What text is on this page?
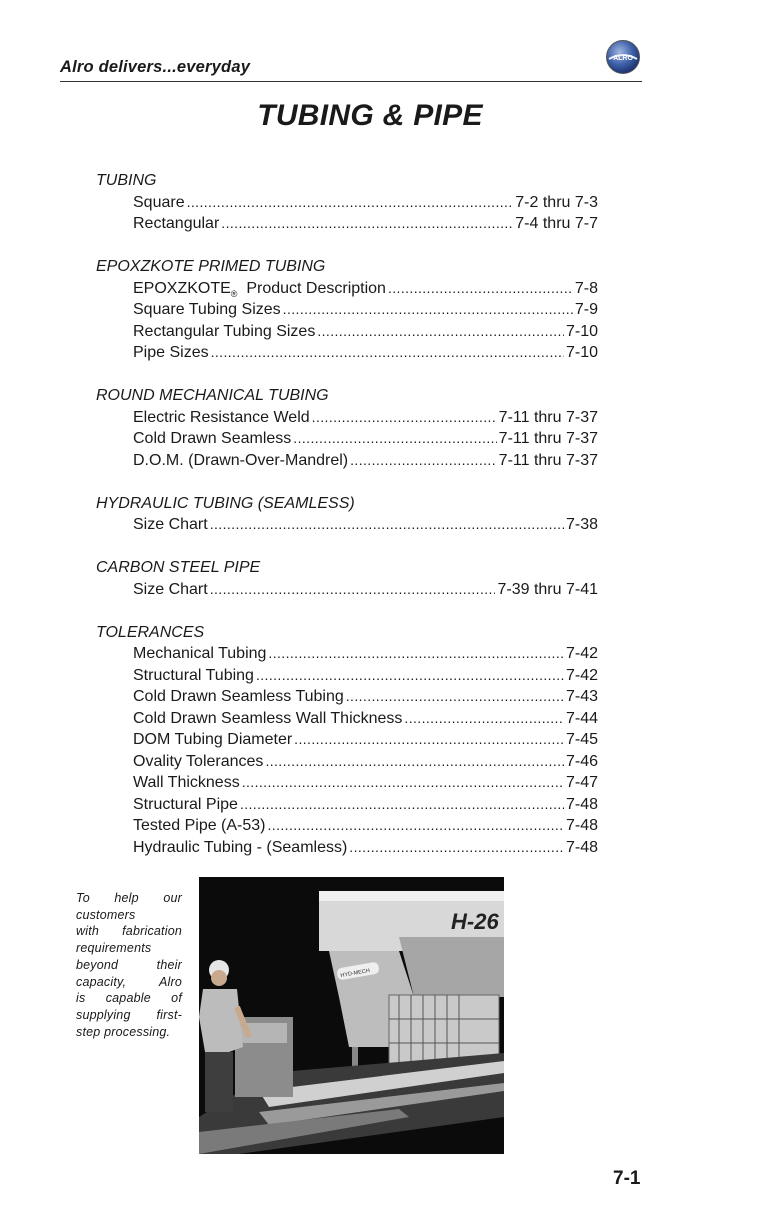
Alro delivers...everyday	ALRO
TUBING & PIPE
TUBING
Square .....	7-2 thru 7-3
Rectangular .....	7-4 thru 7-7
EPOXZKOTE PRIMED TUBING
$EPOXZKOTE_®$  Product Description .....	7-8
Square Tubing Sizes .....	7-9
Rectangular Tubing Sizes .....	7-10
Pipe Sizes .....	7-10
ROUND MECHANICAL TUBING
Electric Resistance Weld .....	7-11 thru 7-37
Cold Drawn Seamless .....	7-11 thru 7-37
D.O.M. (Drawn-Over-Mandrel) .....	7-11 thru 7-37
HYDRAULIC TUBING (SEAMLESS)
Size Chart .....	7-38
CARBON STEEL PIPE
Size Chart .....	7-39 thru 7-41
TOLERANCES
Mechanical Tubing .....	7-42
Structural Tubing .....	7-42
Cold Drawn Seamless Tubing .....	7-43
Cold Drawn Seamless Wall Thickness .....	7-44
DOM Tubing Diameter .....	7-45
Ovality Tolerances .....	7-46
Wall Thickness .....	7-47
Structural Pipe .....	7-48
Tested Pipe (A-53) .....	7-48
Hydraulic Tubing - (Seamless) .....	7-48
To help our
customers
with fabrication
requirements
beyond their
capacity, Alro
is capable of
supplying first-
step processing.
H-26
HYD-MECH
7-1
